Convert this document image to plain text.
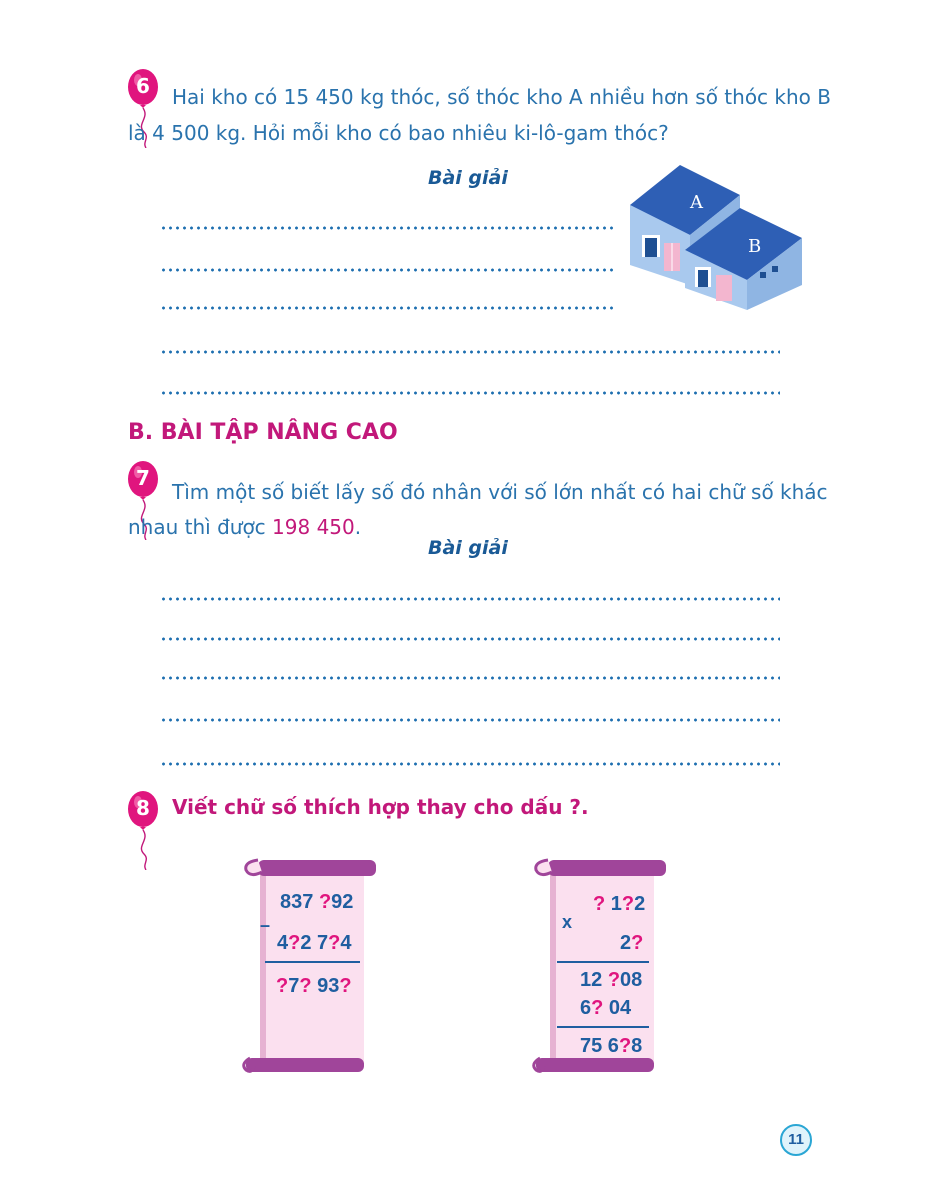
6	Hai kho có 15 450 kg thóc, số thóc kho A nhiều hơn số thóc kho B
là 4 500 kg. Hỏi mỗi kho có bao nhiêu ki-lô-gam thóc?
Bài giải
A
B
B. BÀI TẬP NÂNG CAO
7
Tìm một số biết lấy số đó nhân với số lớn nhất có hai chữ số khác
nhau thì được 198 450.
Bài giải
8	Viết chữ số thích hợp thay cho dấu ?.
837 ?92
–
4?2 7?4
?7? 93?
? 1?2
x
2?
12 ?08
6? 04
75 6?8
11
